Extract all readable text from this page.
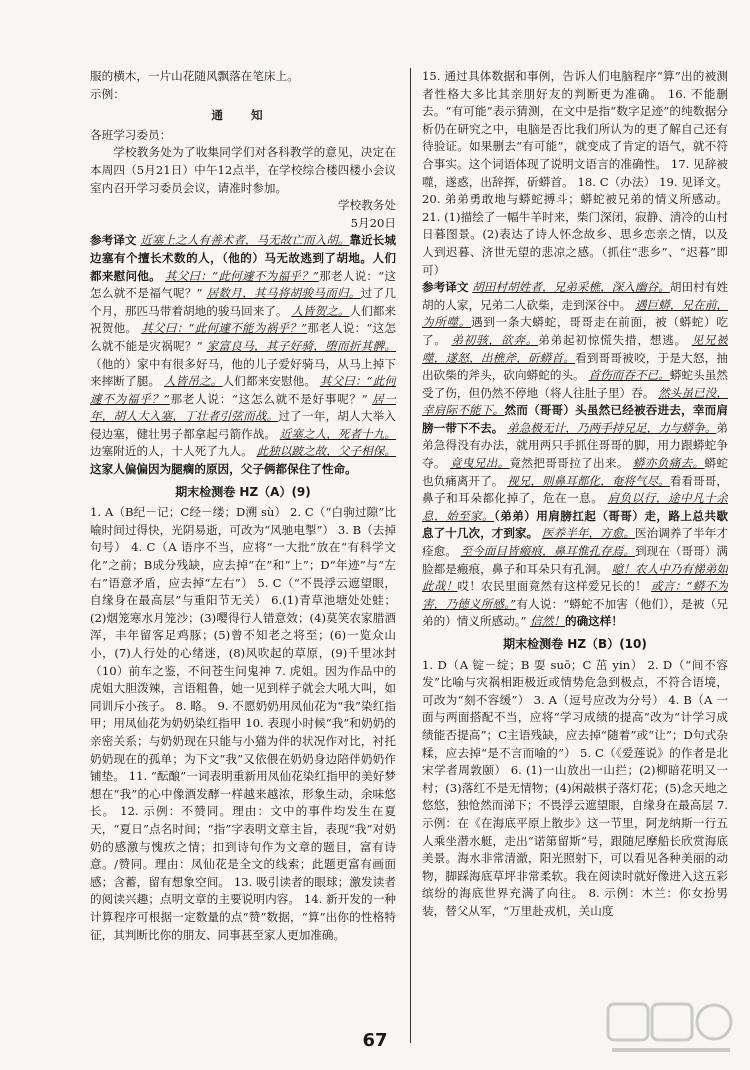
服的横木，一片山花随风飘落在笔床上。

示例：

通 知

各班学习委员：

学校教务处为了收集同学们对各科教学的意见，决定在本周四（5月21日）中午12点半，在学校综合楼四楼小会议室内召开学习委员会议，请准时参加。

学校教务处

5月20日

参考译文 近塞上之人有善术者，马无故亡而入胡。靠近长城边塞有个擅长术数的人，（他的）马无故逃到了胡地。人们都来慰问他。 其父曰：“此何遽不为福乎？”那老人说：“这怎么就不是福气呢？” 居数月，其马将胡骏马而归。过了几个月，那匹马带着胡地的骏马回来了。 人皆贺之。人们都来祝贺他。 其父曰：“此何遽不能为祸乎？”那老人说：“这怎么就不能是灾祸呢？” 家富良马，其子好骑，堕而折其髀。（他的）家中有很多好马，他的儿子爱好骑马，从马上掉下来摔断了腿。 人皆吊之。人们都来安慰他。 其父曰：“此何遽不为福乎？”那老人说：“这怎么就不是好事呢？” 居一年，胡人大入塞，丁壮者引弦而战。过了一年，胡人大举入侵边塞，健壮男子都拿起弓箭作战。 近塞之人，死者十九。边塞附近的人，十人死了九人。 此独以跛之故，父子相保。这家人偏偏因为腿瘸的原因，父子俩都保住了性命。

期末检测卷 HZ（A）(9)

1. A（B纪－记；C经－缕；D溯 sù） 2. C（“白驹过隙”比喻时间过得快，光阴易逝，可改为“风驰电掣”） 3. B（去掉句号） 4. C（A 语序不当，应将“一大批”放在“有科学文化”之前；B成分残缺，应去掉“在”和“上”；D“年迹”与“左右”语意矛盾，应去掉“左右”） 5. C（“不畏浮云遮望眼，自缘身在最高层”与重阳节无关） 6.(1)青草池塘处处蛙；(2)烟笼寒水月笼沙；(3)嘤得行人错意效；(4)莫笑农家腊酒浑，丰年留客足鸡豚；(5)曾不知老之将至；(6)一览众山小，(7)人行处的心绪迷，(8)风吹起的草原，(9)千里冰封（10）前车之鉴，不问苍生问鬼神 7. 虎姐。因为作品中的虎姐大胆泼辣，言语粗鲁，她一见到样子就会大吼大叫，如同训斥小孩子。 8. 略。 9. 不愿奶奶用凤仙花为“我”染红指甲；用凤仙花为奶奶染红指甲 10. 表现小时候“我”和奶奶的亲密关系；与奶奶现在只能与小猫为伴的状况作对比，衬托奶奶现在的孤单；为下文“我”又依偎在奶奶身边陪伴奶奶作铺垫。 11. “酝酿”一词表明重新用凤仙花染红指甲的美好梦想在“我”的心中像酒发酵一样越来越浓，形象生动，余味悠长。 12. 示例：不赞同。理由：文中的事件均发生在夏天，“夏日”点名时间；“指”字表明文章主旨，表现“我”对奶奶的感激与愧疚之情；扣到诗句作为文章的题目，富有诗意。/赞同。理由：凤仙花是全文的线索；此题更富有画面感；含蓄，留有想象空间。 13. 吸引读者的眼球；激发读者的阅读兴趣；点明文章的主要说明内容。 14. 新开发的一种计算程序可根据一定数量的点“赞”数据，“算”出你的性格特征，其判断比你的朋友、同事甚至家人更加准确。

15. 通过具体数据和事例，告诉人们电脑程序“算”出的被测者性格大多比其亲朋好友的判断更为准确。 16. 不能删去。“有可能”表示猜测，在文中是指“数字足迹”的纯数据分析仍在研究之中，电脑是否比我们所认为的更了解自己还有待验证。如果删去“有可能”，就变成了肯定的语气，就不符合事实。这个词语体现了说明文语言的准确性。 17. 见辞被噬，遂惑，出辞挥，斫蟒首。 18. C（办法） 19. 见译文。 20. 弟弟勇敢地与蟒蛇搏斗；蟒蛇被兄弟的情义所感动。 21. (1)描绘了一幅牛羊时来，柴门深闭，寂静、清冷的山村日暮图景。(2)表达了诗人怀念故乡、思乡恋亲之情，以及人到迟暮、济世无望的悲凉之感。（抓住“悲乡”、“迟暮”即可）

参考译文 胡田村胡姓者，兄弟采樵，深入幽谷。胡田村有姓胡的人家，兄弟二人砍柴，走到深谷中。 遇巨蟒，兄在前，为所噬。遇到一条大蟒蛇，哥哥走在前面，被（蟒蛇）吃了。 弟初骇，欲奔。弟弟起初惊慌失措，想逃。 见兄被噬，遂怒，出樵斧，斫蟒首。看到哥哥被咬，于是大怒，抽出砍柴的斧头，砍向蟒蛇的头。 首伤而吞不已。蟒蛇头虽然受了伤，但仍然不停地（将人往肚子里）吞。 然头虽已没，幸肩际不能下。然而（哥哥）头虽然已经被吞进去，幸而肩膀一带下不去。 弟急极无计，乃两手持兄足，力与蟒争。弟弟急得没有办法，就用两只手抓住哥哥的脚，用力跟蟒蛇争夺。 竟曳兄出。竟然把哥哥拉了出来。 蟒亦负痛去。蟒蛇也负痛离开了。 视兄，则鼻耳都化，奄将气尽。看看哥哥，鼻子和耳朵都化掉了，危在一息。 肩负以行，途中凡十余息，始至家。（弟弟）用肩膀扛起（哥哥）走，路上总共歇息了十几次，才到家。 医养半年，方愈。医治调养了半年才痊愈。 至今面目皆瘢痕，鼻耳惟孔存焉。到现在（哥哥）满脸都是瘢痕，鼻子和耳朵只有孔洞。 噫！农人中乃有悌弟如此哉！哎！农民里面竟然有这样爱兄长的！ 或言：“蟒不为害，乃德义所感。”有人说：“蟒蛇不加害（他们），是被（兄弟的）情义所感动。” 信然！的确这样！

期末检测卷 HZ（B）(10)

1. D（A 锭－绽；B 耍 suō；C 茁 yin） 2. D（“间不容发”比喻与灾祸相距极近或情势危急到极点，不符合语境，可改为“刻不容缓”） 3. A（逗号应改为分号） 4. B（A 一面与两面搭配不当，应将“学习成绩的提高”改为“计学习成绩能否提高”；C主语残缺，应去掉“随着”或“让”；D句式杂糅，应去掉“是不言而喻的”） 5. C（《爱莲说》的作者是北宋学者周敦颐） 6. (1)一山放出一山拦；(2)柳暗花明又一村；(3)落红不是无情物；(4)闲敲棋子落灯花；(5)念天地之悠悠，独怆然而涕下；不畏浮云遮望眼，自缘身在最高层 7. 示例：在《在海底平原上散步》这一节里，阿龙纳斯一行五人乘坐潜水艇，走出“诺第留斯”号，跟随尼摩船长欣赏海底美景。海水非常清澈，阳光照射下，可以看见各种美丽的动物，脚踩海底草坪非常柔软。我在阅读时就好像进入这五彩缤纷的海底世界充满了向往。 8. 示例：木兰：你女扮男装，替父从军，“万里赴戎机，关山度

67
